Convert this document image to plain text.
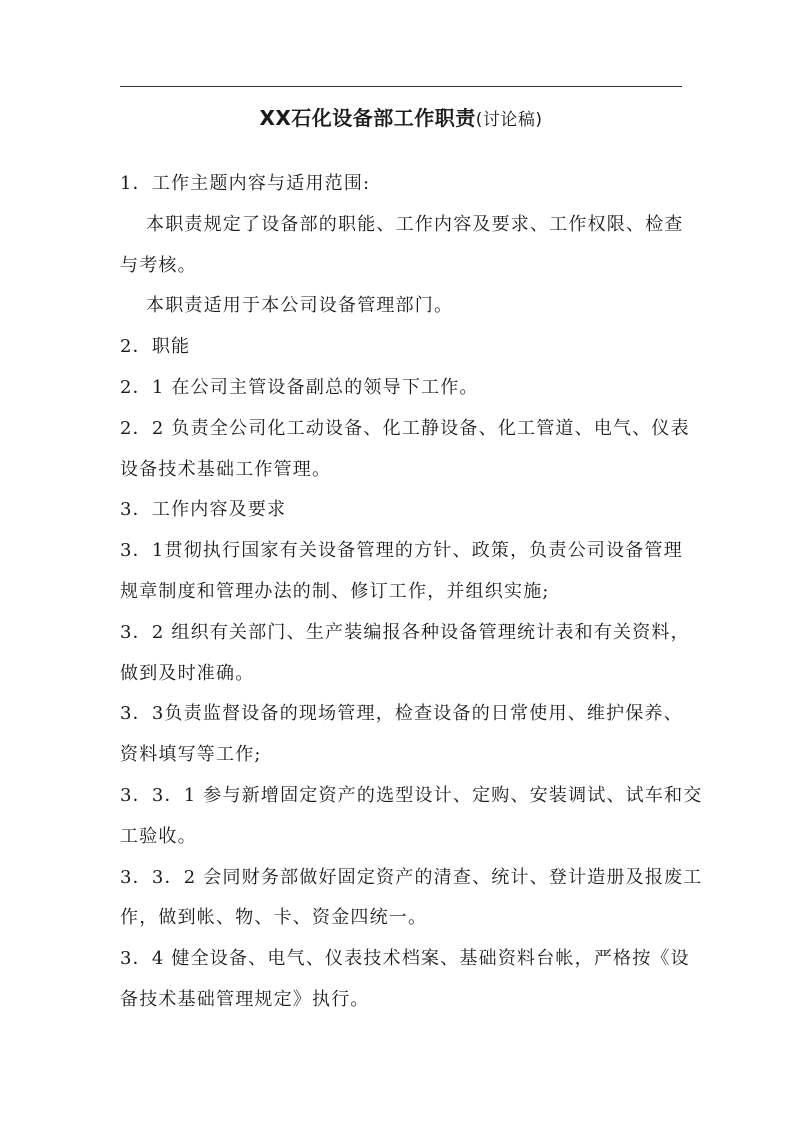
XX石化设备部工作职责(讨论稿)

1．工作主题内容与适用范围:

本职责规定了设备部的职能、工作内容及要求、工作权限、检查

与考核。

本职责适用于本公司设备管理部门。

2．职能

2．1 在公司主管设备副总的领导下工作。

2．2 负责全公司化工动设备、化工静设备、化工管道、电气、仪表

设备技术基础工作管理。

3．工作内容及要求

3．1贯彻执行国家有关设备管理的方针、政策，负责公司设备管理

规章制度和管理办法的制、修订工作，并组织实施;

3．2 组织有关部门、生产装编报各种设备管理统计表和有关资料，

做到及时准确。

3．3负责监督设备的现场管理，检查设备的日常使用、维护保养、

资料填写等工作;

3．3．1 参与新增固定资产的选型设计、定购、安装调试、试车和交

工验收。

3．3．2 会同财务部做好固定资产的清查、统计、登计造册及报废工

作，做到帐、物、卡、资金四统一。

3．4 健全设备、电气、仪表技术档案、基础资料台帐，严格按《设

备技术基础管理规定》执行。
